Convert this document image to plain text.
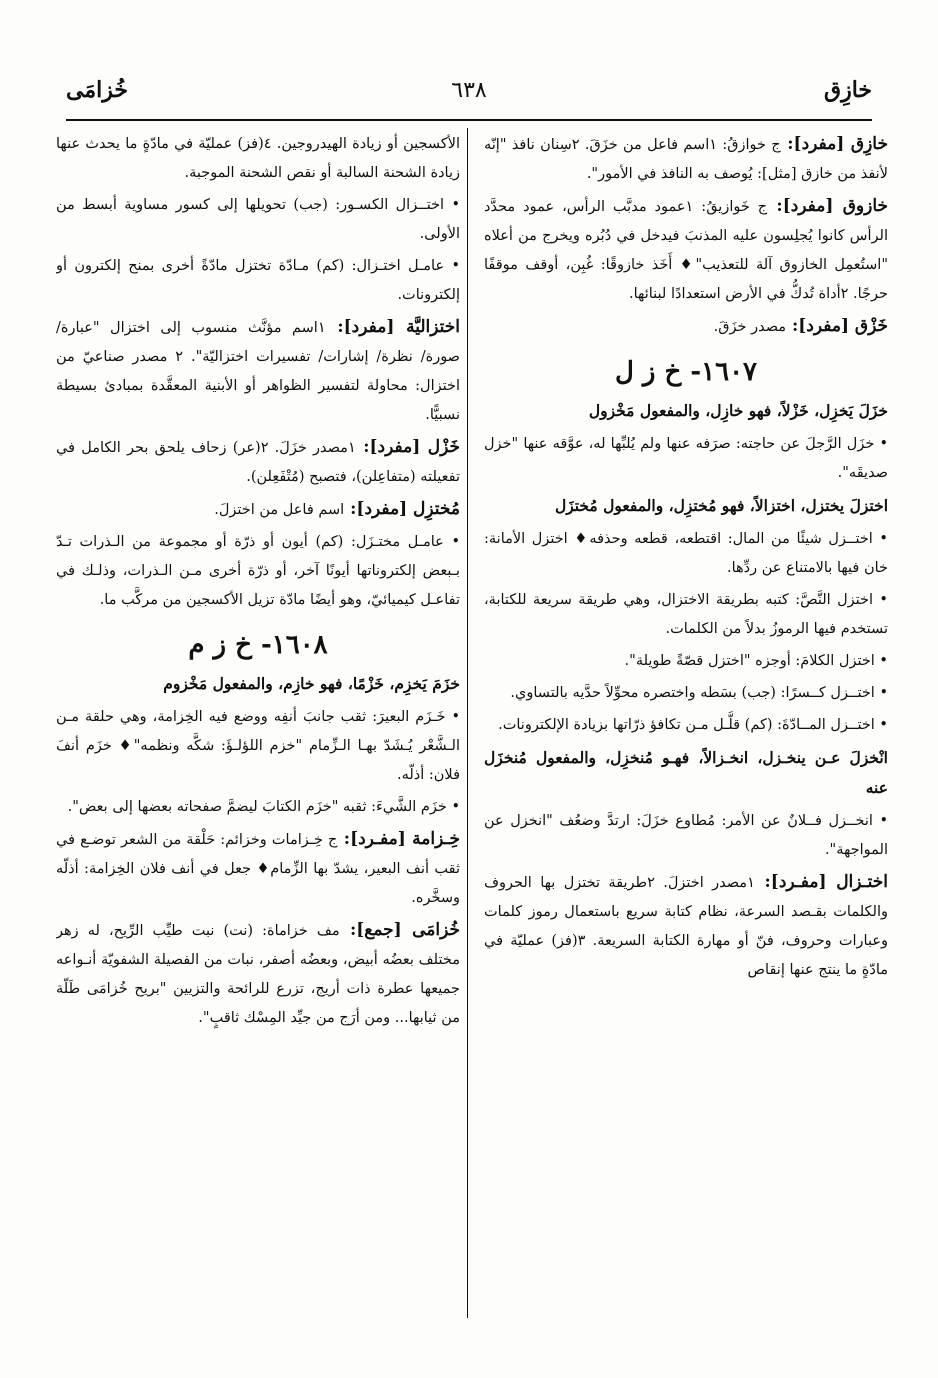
خازِق
٦٣٨
خُزامَى
خازِق [مفرد]: ج خوازقُ: ١اسم فاعل من خزَقَ. ٢سِنان نافذ "إنّه لأنفذ من خازق [مثل]: يُوصف به النافذ في الأمور".
خازوق [مفرد]: ج خَوازيقُ: ١عمود مدبَّب الرأس، عمود محدَّد الرأس كانوا يُجلِسون عليه المذنبَ فيدخل في دُبُره ويخرج من أعلاه "استُعمِل الخازوق آلة للتعذيب"♦ أَخَذ خازوقًا: غُبِن، أوقف موقفًا حرجًا. ٢أداة تُدكُّ في الأرض استعدادًا لبنائها.
خَزْق [مفرد]: مصدر خزَقَ.
١٦٠٧- خ ز ل
خزَلَ يَخزِل، خَزْلاً، فهو خازِل، والمفعول مَخْزول
• خزَل الرَّجلَ عن حاجته: صرَفه عنها ولم يُلبِّها له، عوَّقه عنها "خزل صديقَه".
اختزلَ يختزل، اختزالاً، فهو مُختزِل، والمفعول مُختزَل
• اختــزل شيئًا من المال: اقتطعه، قطعه وحذفه♦ اختزل الأمانة: خان فيها بالامتناع عن ردِّها.
• اختزل النَّصَّ: كتبه بطريقة الاختزال، وهي طريقة سريعة للكتابة، تستخدم فيها الرموزُ بدلاً من الكلمات.
• اختزل الكلامَ: أوجزه "اختزل قصّةً طويلة".
• اختــزل كــسرًا: (جب) بسَطه واختصره محوِّلاً حدَّيه بالتساوي.
• اختــزل المــادّةَ: (كم) قلَّـل مـن تكافؤ ذرّاتها بزيادة الإلكترونات.
انْخزلَ عـن ينخـزل، انخـزالاً، فهـو مُنخزِل، والمفعول مُنخزَل عنه
• انخــزل فــلانٌ عن الأمر: مُطاوع خزَلَ: ارتدَّ وضعُف "انخزل عن المواجهة".
اختـزال [مفـرد]: ١مصدر اختزلَ. ٢طريقة تختزل بها الحروف والكلمات بقـصد السرعة، نظام كتابة سريع باستعمال رموز كلمات وعبارات وحروف، فنّ أو مهارة الكتابة السريعة. ٣(فز) عمليّة في مادّةٍ ما ينتج عنها إنقاص
الأكسجين أو زيادة الهيدروجين. ٤(فز) عمليّة في مادّةٍ ما يحدث عنها زيادة الشحنة السالبة أو نقص الشحنة الموجبة.
• اختــزال الكسـور: (جب) تحويلها إلى كسور مساوية أبسط من الأولى.
• عامـل اختـزال: (كم) مـادّة تختزل مادّةً أخرى بمنح إلكترون أو إلكترونات.
اختزاليَّة [مفرد]: ١اسم مؤنَّث منسوب إلى اختزال "عبارة/ صورة/ نظرة/ إشارات/ تفسيرات اختزاليّة". ٢ مصدر صناعيّ من اختزال: محاولة لتفسير الظواهر أو الأبنية المعقَّدة بمبادئ بسيطة نسبيًّا.
خَزْل [مفرد]: ١مصدر خزَلَ. ٢(عر) زحاف يلحق بحر الكامل في تفعيلته (متفاعِلن)، فتصبح (مُتْفَعِلن).
مُختزِل [مفرد]: اسم فاعل من اختزلَ.
• عامـل مختـزَل: (كم) أيون أو ذرّة أو مجموعة من الـذرات تـدّ بـبعض إلكتروناتها أيونًا آخر، أو ذرّة أخرى مـن الـذرات، وذلـك في تفاعـل كيميائيّ، وهو أيضًا مادّة تزيل الأكسجين من مركَّب ما.
١٦٠٨- خ ز م
خزَمَ يَخزِم، خَزْمًا، فهو خازِم، والمفعول مَخْزوم
• خَـزَم البعيرَ: ثقب جانبَ أنفِه ووضع فيه الخِزامة، وهي حلقة مـن الـشَّعْر يُـشَدّ بهـا الـزِّمام "خزم اللؤلـؤَ: شكَّه ونظمه"♦ خزَم أنفَ فلان: أذلّه.
• خزَم الشَّيءَ: ثقبه "خزَم الكتابَ ليضمَّ صفحاته بعضها إلى بعض".
خِـزامة [مفـرد]: ج خِـزامات وخزائم: حَلْقة من الشعر توضـع في ثقب أنف البعير، يشدّ بها الزِّمام♦ جعل في أنف فلان الخِزامة: أذلّه وسخَّره.
خُزامَى [جمع]: مف خزاماة: (نت) نبت طيِّب الرِّيح، له زهر مختلف بعضُه أبيض، وبعضُه أصفر، نبات من الفصيلة الشفويّة أنـواعه جميعها عطرة ذات أريج، تزرع للرائحة والتزيين "بريح خُزامَى طَلّة من ثيابها... ومن أرَج من جيِّد المِسْك ثاقبٍ".
